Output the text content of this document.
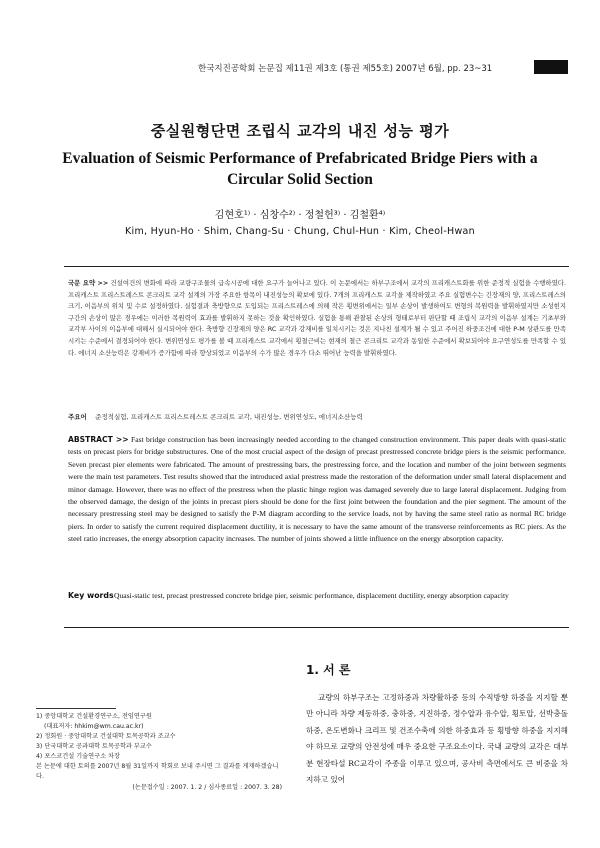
한국지진공학회 논문집 제11권 제3호 (통권 제55호) 2007년 6월, pp. 23~31
중실원형단면 조립식 교각의 내진 성능 평가
Evaluation of Seismic Performance of Prefabricated Bridge Piers with a
Circular Solid Section
김현호¹⁾ · 심창수²⁾ · 정철헌³⁾ · 김철환⁴⁾
Kim, Hyun-Ho · Shim, Chang-Su · Chung, Chul-Hun · Kim, Cheol-Hwan
국문 요약 >> 건설여건의 변화에 따라 교량구조물의 급속시공에 대한 요구가 늘어나고 있다. 이 논문에서는 하부구조에서 교각의 프리캐스트화를 위한 준정적 실험을 수행하였다. 프리캐스트 프리스트레스트 콘크리트 교각 설계의 가장 주요한 항목이 내진성능의 확보에 있다. 7개의 프리캐스트 교각을 제작하였고 주요 실험변수는 긴장재의 양, 프리스트레스의 크기, 이음부의 위치 및 수로 설정하였다. 실험결과 축방향으로 도입되는 프리스트레스에 의해 작은 횡변위에서는 일부 손상이 발생하여도 변형의 복원력을 발휘하였지만 소성힌지구간의 손상이 많은 경우에는 이러한 복원력이 효과를 발휘하지 못하는 것을 확인하였다. 실험을 통해 관찰된 손상의 형태로부터 판단할 때 조립식 교각의 이음부 설계는 기초부와 교각부 사이의 이음부에 대해서 실시되어야 한다. 축방향 긴장재의 양은 RC 교각과 강재비를 일치시키는 것은 지나친 설계가 될 수 있고 주어진 하중조건에 대한 P-M 상관도를 만족시키는 수준에서 결정되어야 한다. 변위연성도 평가를 볼 때 프리캐스트 교각에서 횡철근비는 현재의 철근 콘크리트 교각과 동일한 수준에서 확보되어야 요구연성도를 만족할 수 있다. 에너지 소산능력은 강재비가 증가함에 따라 향상되었고 이음부의 수가 많은 경우가 다소 뛰어난 능력을 발휘하였다.
주요어 준정적실험, 프리캐스트 프리스트레스트 콘크리트 교각, 내진성능, 변위연성도, 에너지소산능력
ABSTRACT >> Fast bridge construction has been increasingly needed according to the changed construction environment. This paper deals with quasi-static tests on precast piers for bridge substructures. One of the most crucial aspect of the design of precast prestressed concrete bridge piers is the seismic performance. Seven precast pier elements were fabricated. The amount of prestressing bars, the prestressing force, and the location and number of the joint between segments were the main test parameters. Test results showed that the introduced axial prestress made the restoration of the deformation under small lateral displacement and minor damage. However, there was no effect of the prestress when the plastic hinge region was damaged severely due to large lateral displacement. Judging from the observed damage, the design of the joints in precast piers should be done for the first joint between the foundation and the pier segment. The amount of the necessary prestressing steel may be designed to satisfy the P-M diagram according to the service loads, not by having the same steel ratio as normal RC bridge piers. In order to satisfy the current required displacement ductility, it is necessary to have the same amount of the transverse reinforcements as RC piers. As the steel ratio increases, the energy absorption capacity increases. The number of joints showed a little influence on the energy absorption capacity.
Key words Quasi-static test, precast prestressed concrete bridge pier, seismic performance, displacement ductility, energy absorption capacity
1. 서 론
교량의 하부구조는 고정하중과 차량활하중 등의 수직방향 하중을 지지할 뿐만 아니라 차량 제동하중, 충하중, 지진하중, 정수압과 유수압, 횡토압, 선박충돌하중, 온도변화나 크리프 및 건조수축에 의한 하중효과 등 횡방향 하중을 지지해야 하므로 교량의 안전성에 매우 중요한 구조요소이다. 국내 교량의 교각은 대부분 현장타설 RC교각이 주종을 이루고 있으며, 공사비 측면에서도 큰 비중을 차지하고 있어
1) 중앙대학교 건설환경연구소, 전임연구원
(대표저자: hhkim@wm.cau.ac.kr)
2) 정회원 · 중앙대학교 건설대학 토목공학과 조교수
3) 단국대학교 공과대학 토목공학과 부교수
4) 포스코건설 기술연구소 차장
본 논문에 대한 토의를 2007년 8월 31일까지 학회로 보내 주시면 그 결과를 게재하겠습니다.
(논문접수일 : 2007. 1. 2 / 심사종료일 : 2007. 3. 28)
